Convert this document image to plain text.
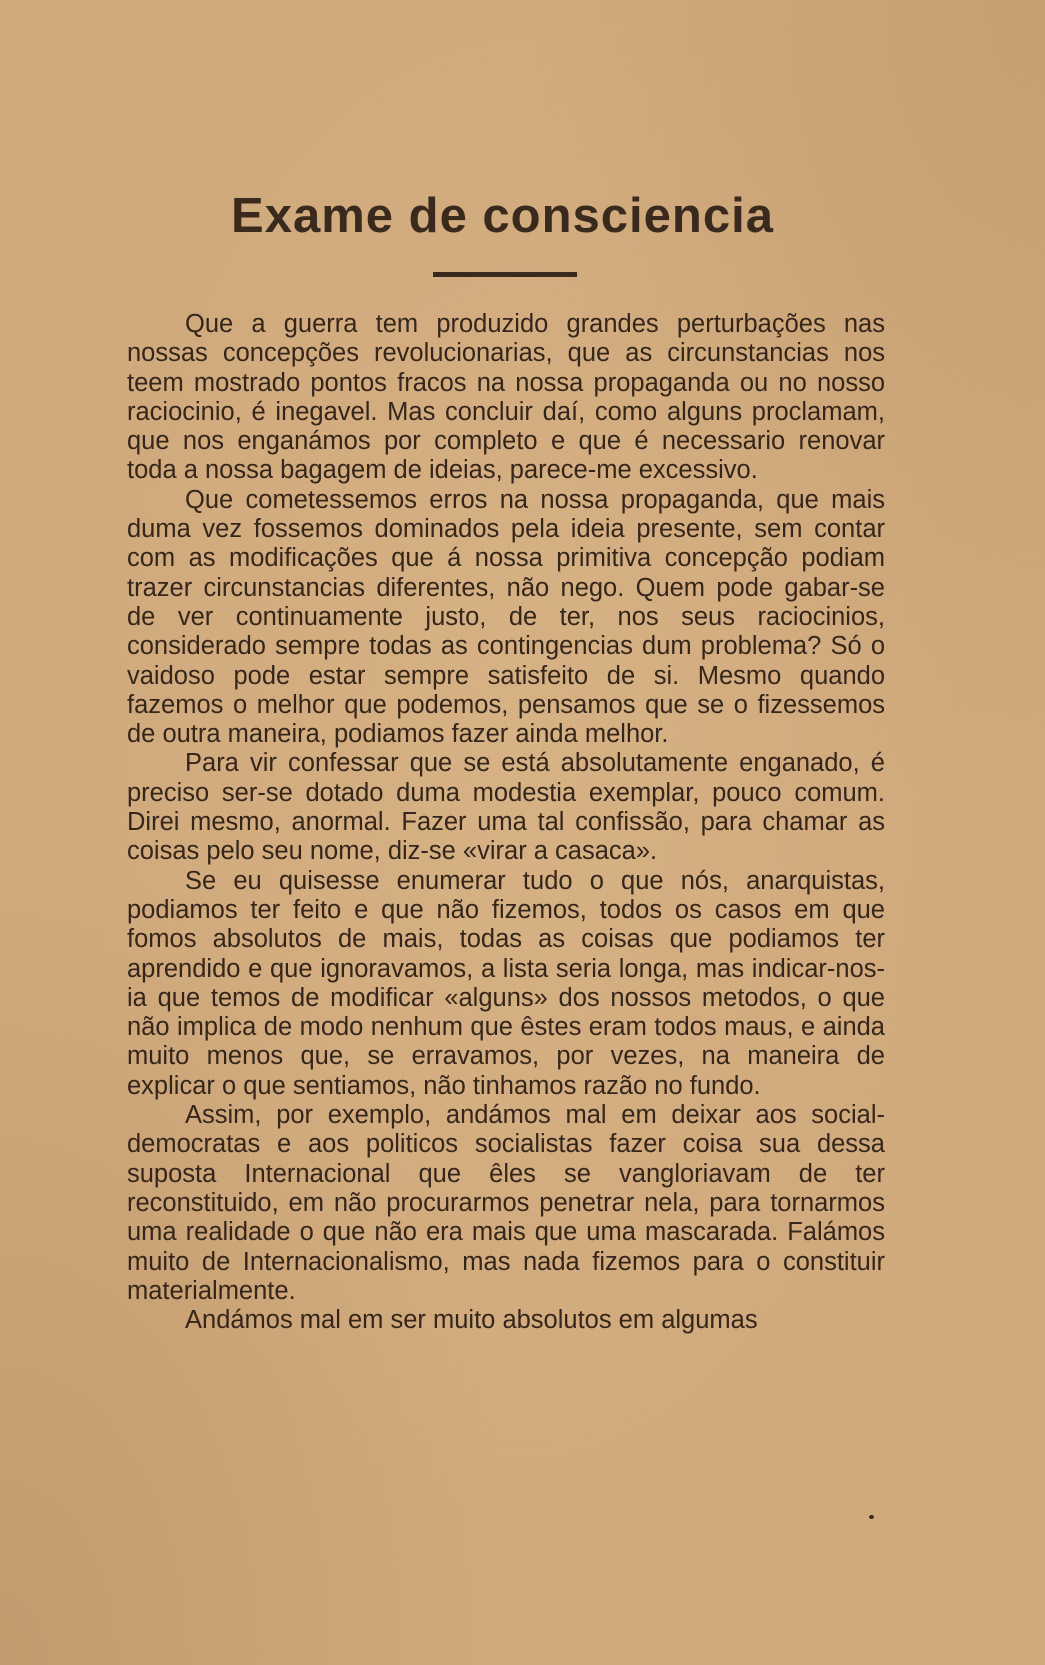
Exame de consciencia

Que a guerra tem produzido grandes perturbações nas nossas concepções revolucionarias, que as circunstancias nos teem mostrado pontos fracos na nossa propaganda ou no nosso raciocinio, é inegavel. Mas concluir daí, como alguns proclamam, que nos enganámos por completo e que é necessario renovar toda a nossa bagagem de ideias, parece-me excessivo.

Que cometessemos erros na nossa propaganda, que mais duma vez fossemos dominados pela ideia presente, sem contar com as modificações que á nossa primitiva concepção podiam trazer circunstancias diferentes, não nego. Quem pode gabar-se de ver continuamente justo, de ter, nos seus raciocinios, considerado sempre todas as contingencias dum problema? Só o vaidoso pode estar sempre satisfeito de si. Mesmo quando fazemos o melhor que podemos, pensamos que se o fizessemos de outra maneira, podiamos fazer ainda melhor.

Para vir confessar que se está absolutamente enganado, é preciso ser-se dotado duma modestia exemplar, pouco comum. Direi mesmo, anormal. Fazer uma tal confissão, para chamar as coisas pelo seu nome, diz-se «virar a casaca».

Se eu quisesse enumerar tudo o que nós, anarquistas, podiamos ter feito e que não fizemos, todos os casos em que fomos absolutos de mais, todas as coisas que podiamos ter aprendido e que ignoravamos, a lista seria longa, mas indicar-nos-ia que temos de modificar «alguns» dos nossos metodos, o que não implica de modo nenhum que êstes eram todos maus, e ainda muito menos que, se erravamos, por vezes, na maneira de explicar o que sentiamos, não tinhamos razão no fundo.

Assim, por exemplo, andámos mal em deixar aos social-democratas e aos politicos socialistas fazer coisa sua dessa suposta Internacional que êles se vangloriavam de ter reconstituido, em não procurarmos penetrar nela, para tornarmos uma realidade o que não era mais que uma mascarada. Falámos muito de Internacionalismo, mas nada fizemos para o constituir materialmente.

Andámos mal em ser muito absolutos em algumas
